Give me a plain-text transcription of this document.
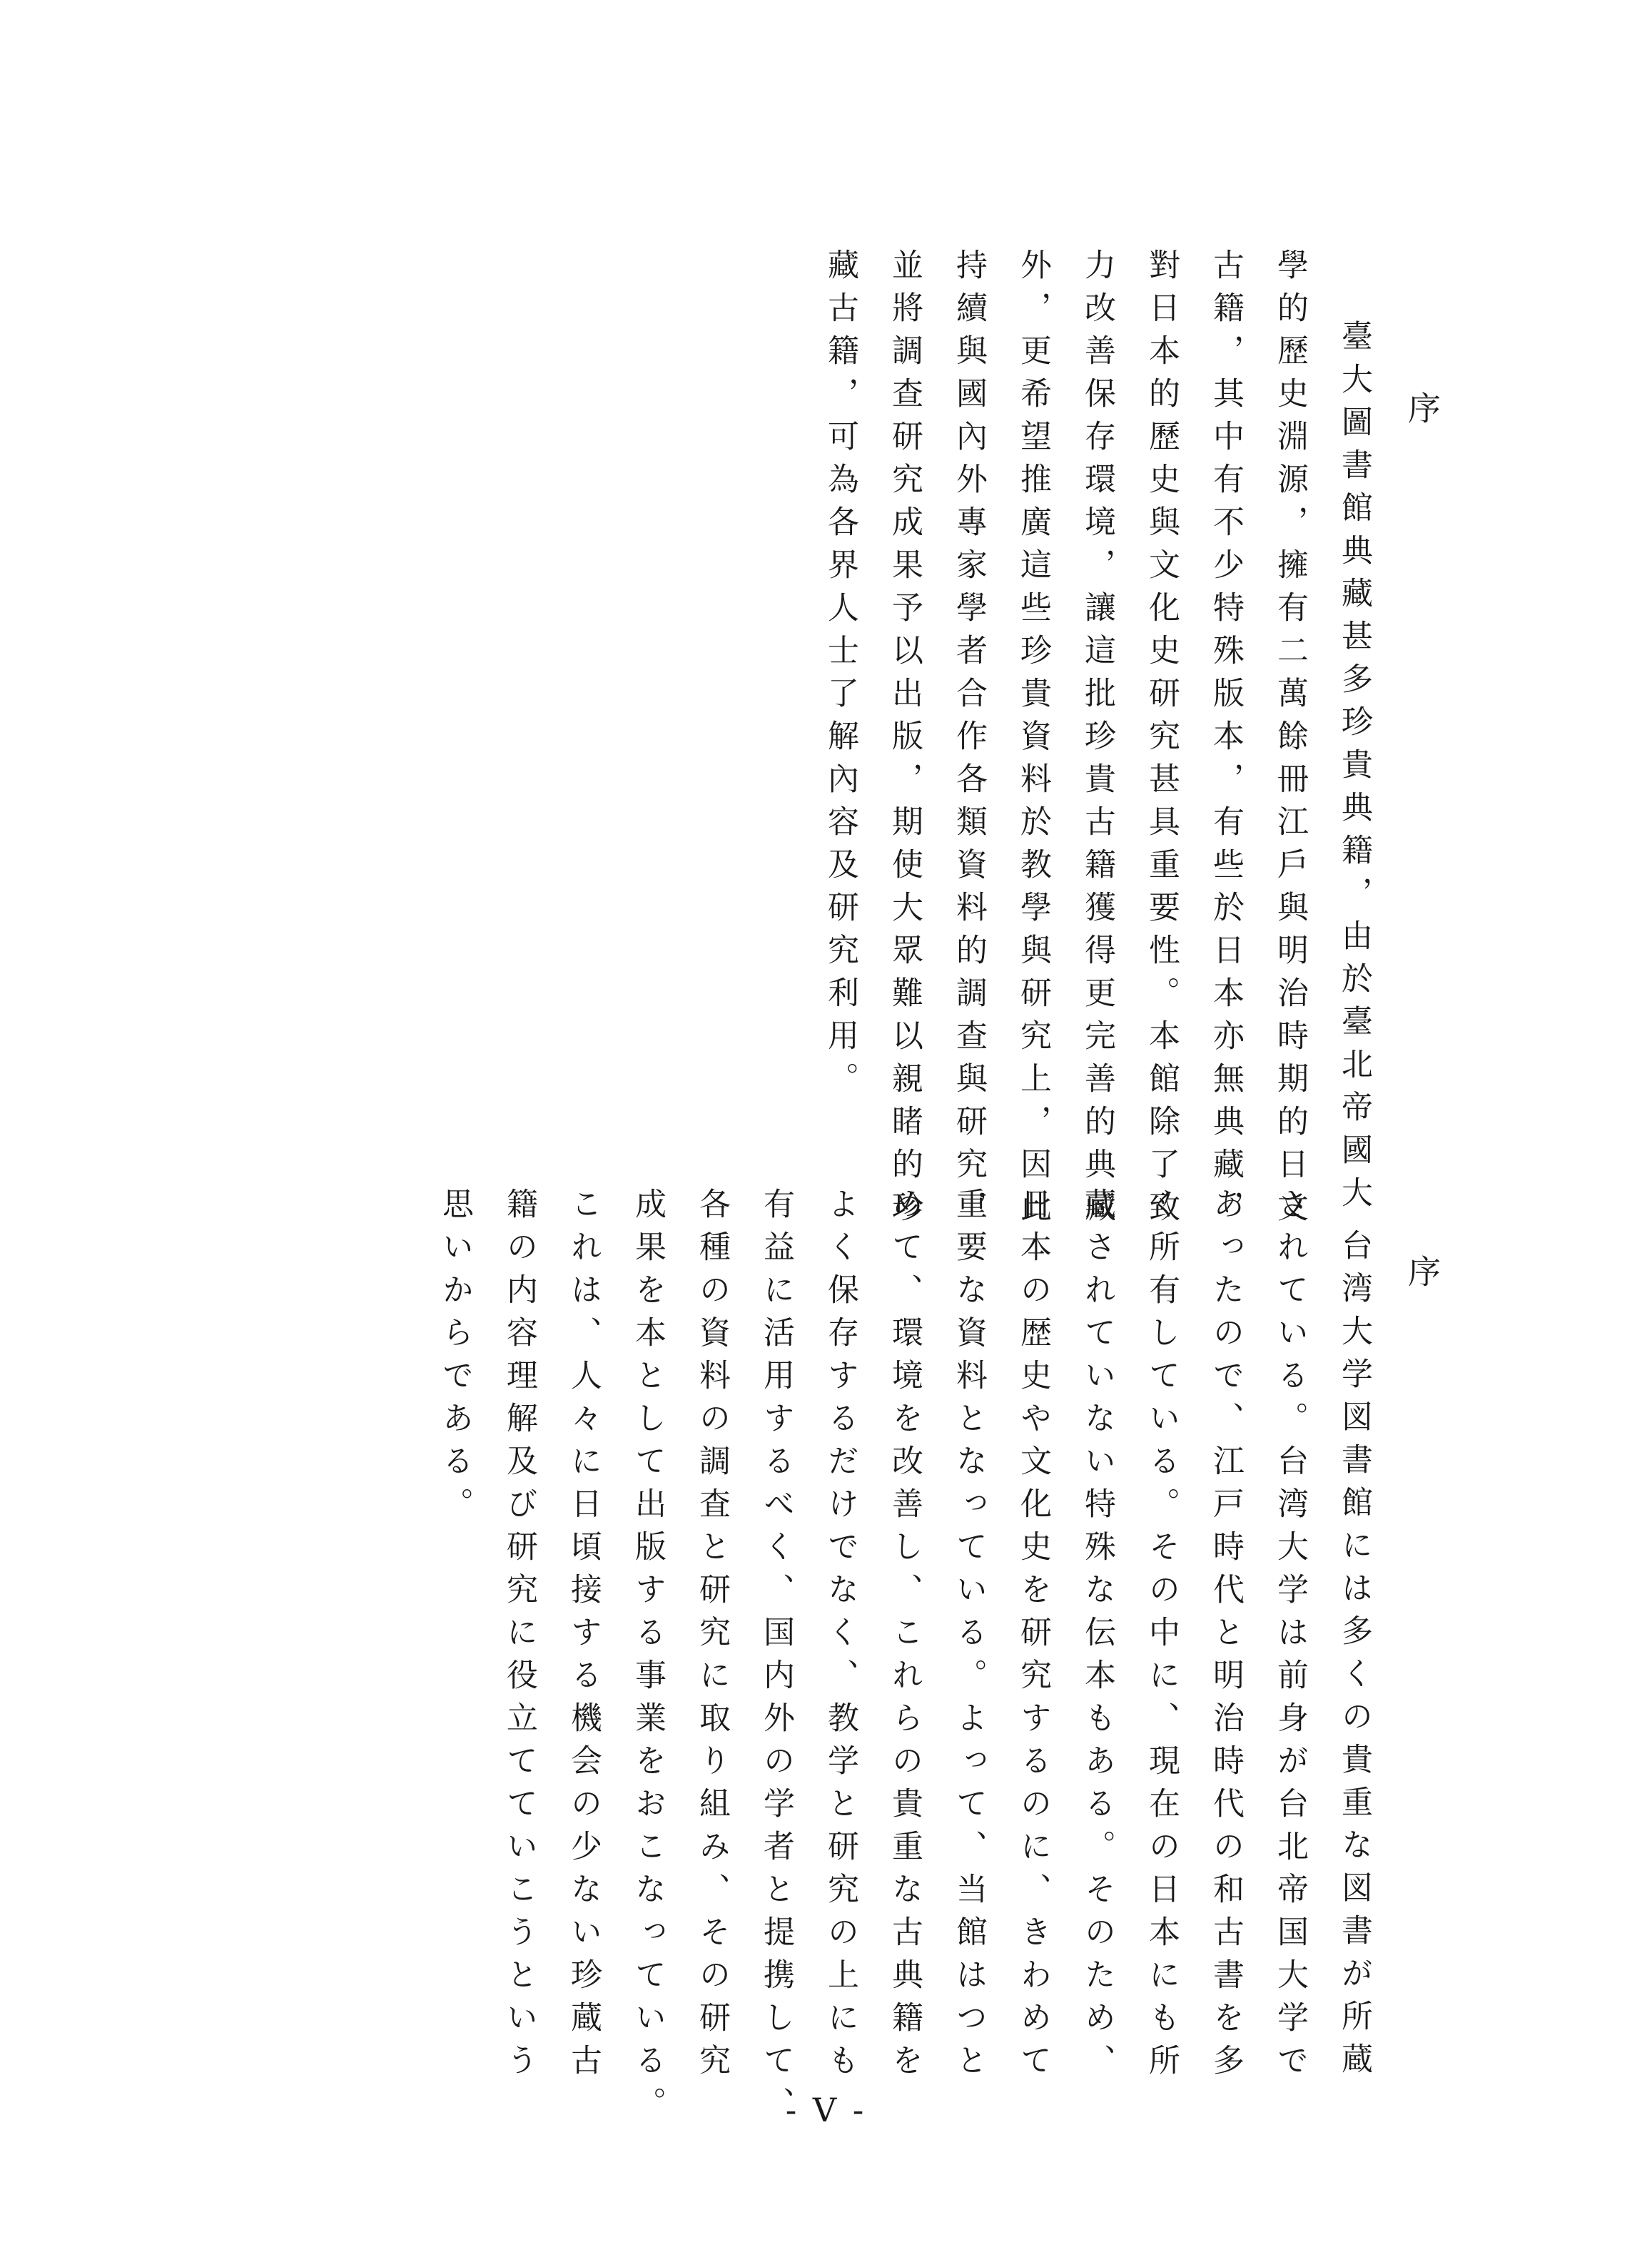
序
臺大圖書館典藏甚多珍貴典籍，由於臺北帝國大
學的歷史淵源，擁有二萬餘冊江戶與明治時期的日文
古籍，其中有不少特殊版本，有些於日本亦無典藏，
對日本的歷史與文化史研究甚具重要性。本館除了致
力改善保存環境，讓這批珍貴古籍獲得更完善的典藏
外，更希望推廣這些珍貴資料於教學與研究上，因此
持續與國內外專家學者合作各類資料的調查與研究，
並將調查研究成果予以出版，期使大眾難以親睹的珍
藏古籍，可為各界人士了解內容及研究利用。
序
台湾大学図書館には多くの貴重な図書が所蔵
されている。台湾大学は前身が台北帝国大学で
あったので、江戸時代と明治時代の和古書を多
く所有している。その中に、現在の日本にも所
蔵されていない特殊な伝本もある。そのため、
日本の歴史や文化史を研究するのに、きわめて
重要な資料となっている。よって、当館はつと
めて、環境を改善し、これらの貴重な古典籍を
よく保存するだけでなく、教学と研究の上にも
有益に活用するべく、国内外の学者と提携して、
各種の資料の調査と研究に取り組み、その研究
成果を本として出版する事業をおこなっている。
これは、人々に日頃接する機会の少ない珍蔵古
籍の内容理解及び研究に役立てていこうという
思いからである。
- V -
